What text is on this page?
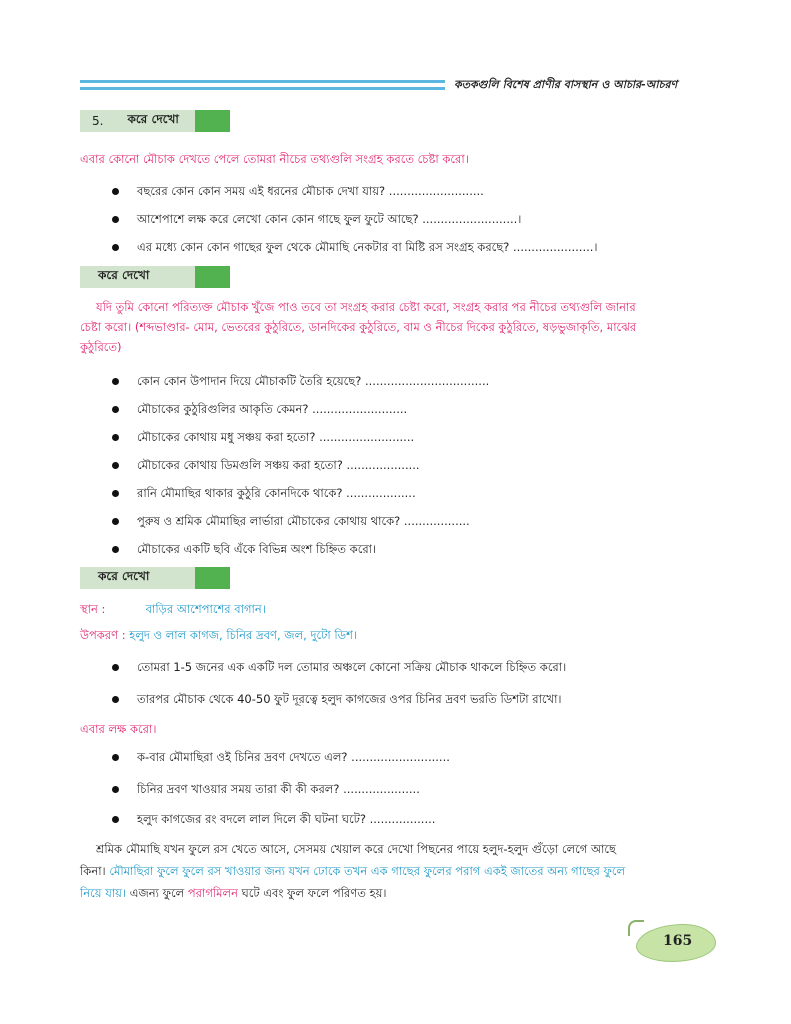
কতকগুলি বিশেষ প্রাণীর বাসস্থান ও আচার-আচরণ
5. করে দেখো
এবার কোনো মৌচাক দেখতে পেলে তোমরা নীচের তথ্যগুলি সংগ্রহ করতে চেষ্টা করো।
বছরের কোন কোন সময় এই ধরনের মৌচাক দেখা যায়? ..........................
আশেপাশে লক্ষ করে লেখো কোন কোন গাছে ফুল ফুটে আছে? ..........................।
এর মধ্যে কোন কোন গাছের ফুল থেকে মৌমাছি নেকটার বা মিষ্টি রস সংগ্রহ করছে? ......................।
করে দেখো
যদি তুমি কোনো পরিত্যক্ত মৌচাক খুঁজে পাও তবে তা সংগ্রহ করার চেষ্টা করো, সংগ্রহ করার পর নীচের তথ্যগুলি জানার
চেষ্টা করো। (শব্দভাণ্ডার- মোম, ভেতরের কুঠুরিতে, ডানদিকের কুঠুরিতে, বাম ও নীচের দিকের কুঠুরিতে, ষড়ভুজাকৃতি, মাঝের
কুঠুরিতে)
কোন কোন উপাদান দিয়ে মৌচাকটি তৈরি হয়েছে? ..................................
মৌচাকের কুঠুরিগুলির আকৃতি কেমন? ..........................
মৌচাকের কোথায় মধু সঞ্চয় করা হতো? ..........................
মৌচাকের কোথায় ডিমগুলি সঞ্চয় করা হতো? ....................
রানি মৌমাছির থাকার কুঠুরি কোনদিকে থাকে? ...................
পুরুষ ও শ্রমিক মৌমাছির লার্ভারা মৌচাকের কোথায় থাকে? ..................
মৌচাকের একটি ছবি এঁকে বিভিন্ন অংশ চিহ্নিত করো।
করে দেখো
স্থান :	বাড়ির আশেপাশের বাগান।
উপকরণ : হলুদ ও লাল কাগজ, চিনির দ্রবণ, জল, দুটো ডিশ।
তোমরা 1-5 জনের এক একটি দল তোমার অঞ্চলে কোনো সক্রিয় মৌচাক থাকলে চিহ্নিত করো।
তারপর মৌচাক থেকে 40-50 ফুট দূরত্বে হলুদ কাগজের ওপর চিনির দ্রবণ ভরতি ডিশটা রাখো।
এবার লক্ষ করো।
ক-বার মৌমাছিরা ওই চিনির দ্রবণ দেখতে এল? ...........................
চিনির দ্রবণ খাওয়ার সময় তারা কী কী করল? .....................
হলুদ কাগজের রং বদলে লাল দিলে কী ঘটনা ঘটে? ..................
শ্রমিক মৌমাছি যখন ফুলে রস খেতে আসে, সেসময় খেয়াল করে দেখো পিছনের পায়ে হলুদ-হলুদ গুঁড়ো লেগে আছে
কিনা। মৌমাছিরা ফুলে ফুলে রস খাওয়ার জন্য যখন ঢোকে তখন এক গাছের ফুলের পরাগ একই জাতের অন্য গাছের ফুলে
নিয়ে যায়। এজন্য ফুলে পরাগমিলন ঘটে এবং ফুল ফলে পরিণত হয়।
165
